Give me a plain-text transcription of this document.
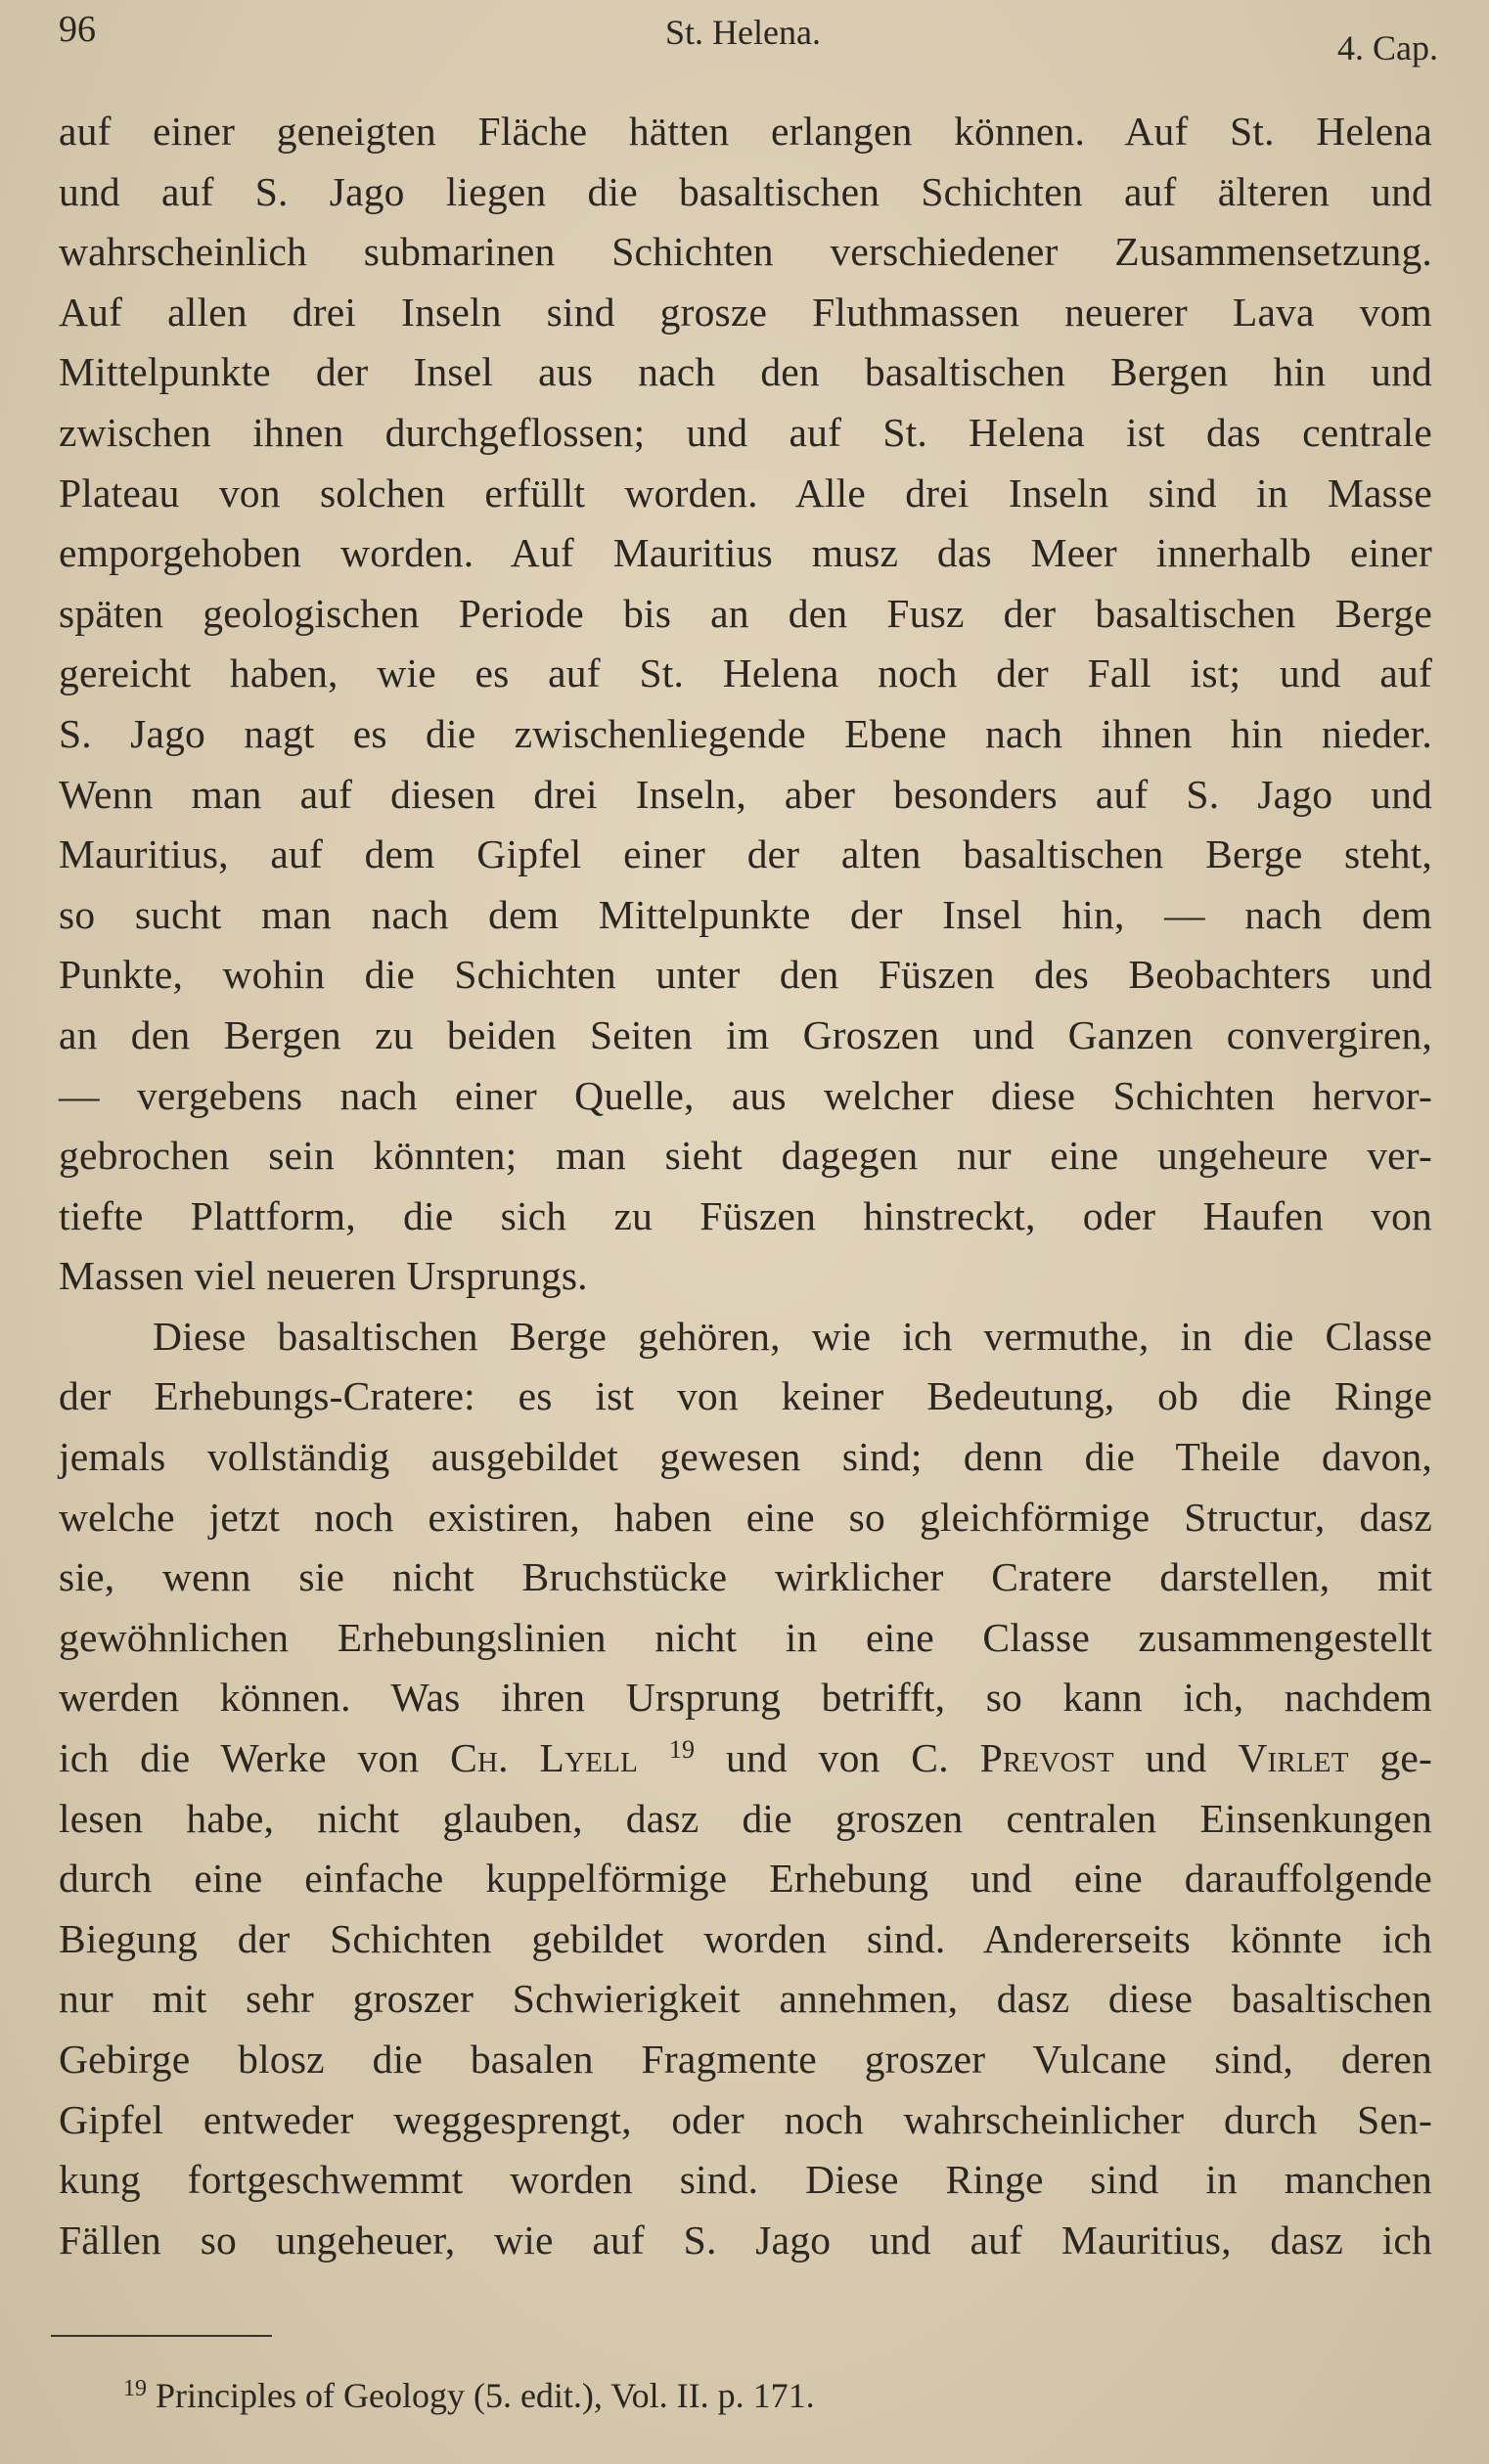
96	St. Helena.	4. Cap.
auf einer geneigten Fläche hätten erlangen können. Auf St. Helena
und auf S. Jago liegen die basaltischen Schichten auf älteren und
wahrscheinlich submarinen Schichten verschiedener Zusammensetzung.
Auf allen drei Inseln sind grosze Fluthmassen neuerer Lava vom
Mittelpunkte der Insel aus nach den basaltischen Bergen hin und
zwischen ihnen durchgeflossen; und auf St. Helena ist das centrale
Plateau von solchen erfüllt worden. Alle drei Inseln sind in Masse
emporgehoben worden. Auf Mauritius musz das Meer innerhalb einer
späten geologischen Periode bis an den Fusz der basaltischen Berge
gereicht haben, wie es auf St. Helena noch der Fall ist; und auf
S. Jago nagt es die zwischenliegende Ebene nach ihnen hin nieder.
Wenn man auf diesen drei Inseln, aber besonders auf S. Jago und
Mauritius, auf dem Gipfel einer der alten basaltischen Berge steht,
so sucht man nach dem Mittelpunkte der Insel hin, — nach dem
Punkte, wohin die Schichten unter den Füszen des Beobachters und
an den Bergen zu beiden Seiten im Groszen und Ganzen convergiren,
— vergebens nach einer Quelle, aus welcher diese Schichten hervor-
gebrochen sein könnten; man sieht dagegen nur eine ungeheure ver-
tiefte Plattform, die sich zu Füszen hinstreckt, oder Haufen von
Massen viel neueren Ursprungs.
Diese basaltischen Berge gehören, wie ich vermuthe, in die Classe
der Erhebungs-Cratere: es ist von keiner Bedeutung, ob die Ringe
jemals vollständig ausgebildet gewesen sind; denn die Theile davon,
welche jetzt noch existiren, haben eine so gleichförmige Structur, dasz
sie, wenn sie nicht Bruchstücke wirklicher Cratere darstellen, mit
gewöhnlichen Erhebungslinien nicht in eine Classe zusammengestellt
werden können. Was ihren Ursprung betrifft, so kann ich, nachdem
ich die Werke von Ch. Lyell $^{19}$ und von C. Prevost und Virlet ge-
lesen habe, nicht glauben, dasz die groszen centralen Einsenkungen
durch eine einfache kuppelförmige Erhebung und eine darauffolgende
Biegung der Schichten gebildet worden sind. Andererseits könnte ich
nur mit sehr groszer Schwierigkeit annehmen, dasz diese basaltischen
Gebirge blosz die basalen Fragmente groszer Vulcane sind, deren
Gipfel entweder weggesprengt, oder noch wahrscheinlicher durch Sen-
kung fortgeschwemmt worden sind. Diese Ringe sind in manchen
Fällen so ungeheuer, wie auf S. Jago und auf Mauritius, dasz ich
$^{19}$ Principles of Geology (5. edit.), Vol. II. p. 171.
